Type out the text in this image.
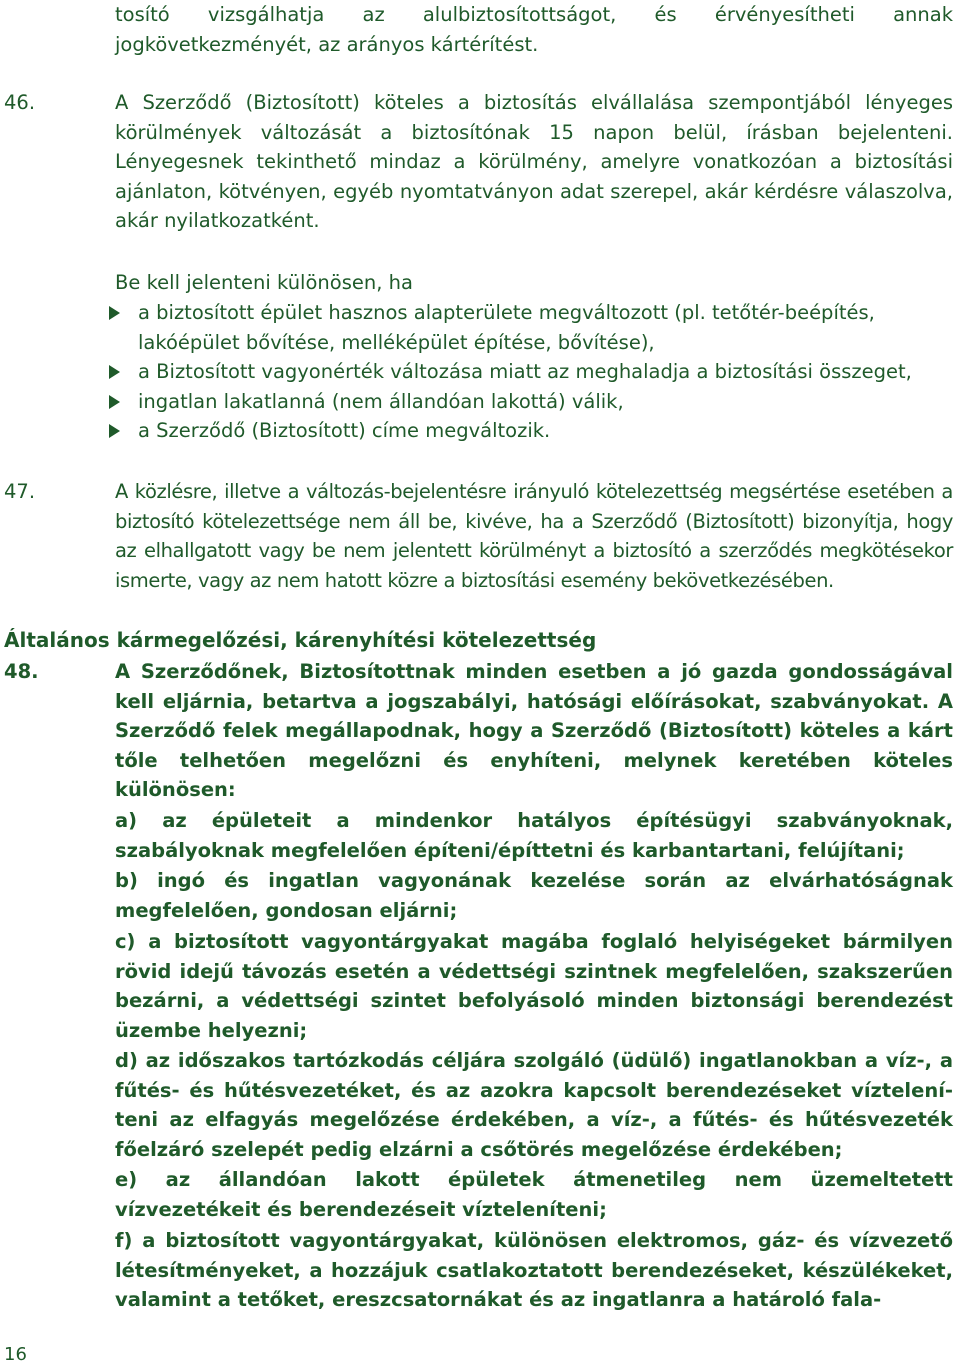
tosító vizsgálhatja az alulbiztosítottságot, és érvényesítheti annak jogkövetkezményét, az arányos kártérítést.

46.	A Szerződő (Biztosított) köteles a biztosítás elvállalása szempontjából lényeges körülmények változását a biztosítónak 15 napon belül, írásban bejelenteni. Lényegesnek tekinthető mindaz a körülmény, amelyre vonatkozóan a biztosítási ajánlaton, kötvényen, egyéb nyomtatványon adat szerepel, akár kérdésre válaszolva, akár nyilatkozatként.

Be kell jelenteni különösen, ha

a biztosított épület hasznos alapterülete megváltozott (pl. tetőtér-beépítés, lakóépület bővítése, melléképület építése, bővítése),
a Biztosított vagyonérték változása miatt az meghaladja a biztosítási összeget,
ingatlan lakatlanná (nem állandóan lakottá) válik,
a Szerződő (Biztosított) címe megváltozik.
47.	A közlésre, illetve a változás-bejelentésre irányuló kötelezettség megsértése esetében a biztosító kötelezettsége nem áll be, kivéve, ha a Szerződő (Biztosított) bizonyítja, hogy az elhallgatott vagy be nem jelentett körülményt a biztosító a szerződés megkötésekor ismerte, vagy az nem hatott közre a biztosítási esemény bekövetkezésében.

Általános kármegelőzési, kárenyhítési kötelezettség
48.	A Szerződőnek, Biztosítottnak minden esetben a jó gazda gondosságával kell eljárnia, betartva a jogszabályi, hatósági előírásokat, szabványokat. A Szerződő felek megállapodnak, hogy a Szerződő (Biztosított) köteles a kárt tőle telhetően megelőzni és enyhíteni, melynek keretében köteles különösen:

a) az épületeit a mindenkor hatályos építésügyi szabványoknak, szabályoknak megfelelően építeni/építtetni és karbantartani, felújítani;

b) ingó és ingatlan vagyonának kezelése során az elvárhatóságnak megfelelően, gondosan eljárni;

c) a biztosított vagyontárgyakat magába foglaló helyiségeket bármilyen rövid idejű távozás esetén a védettségi szintnek megfelelően, szakszerűen bezárni, a védettségi szintet befolyásoló minden biztonsági berendezést üzembe helyezni;

d) az időszakos tartózkodás céljára szolgáló (üdülő) ingatlanokban a víz-, a fűtés- és hűtésvezetéket, és az azokra kapcsolt berendezéseket vízteleníteni az elfagyás megelőzése érdekében, a víz-, a fűtés- és hűtésvezeték főelzáró szelepét pedig elzárni a csőtörés megelőzése érdekében;

e) az állandóan lakott épületek átmenetileg nem üzemeltetett vízvezetékeit és berendezéseit vízteleníteni;

f) a biztosított vagyontárgyakat, különösen elektromos, gáz- és vízvezető létesítményeket, a hozzájuk csatlakoztatott berendezéseket, készülékeket, valamint a tetőket, ereszcsatornákat és az ingatlanra a határoló fala-

16
